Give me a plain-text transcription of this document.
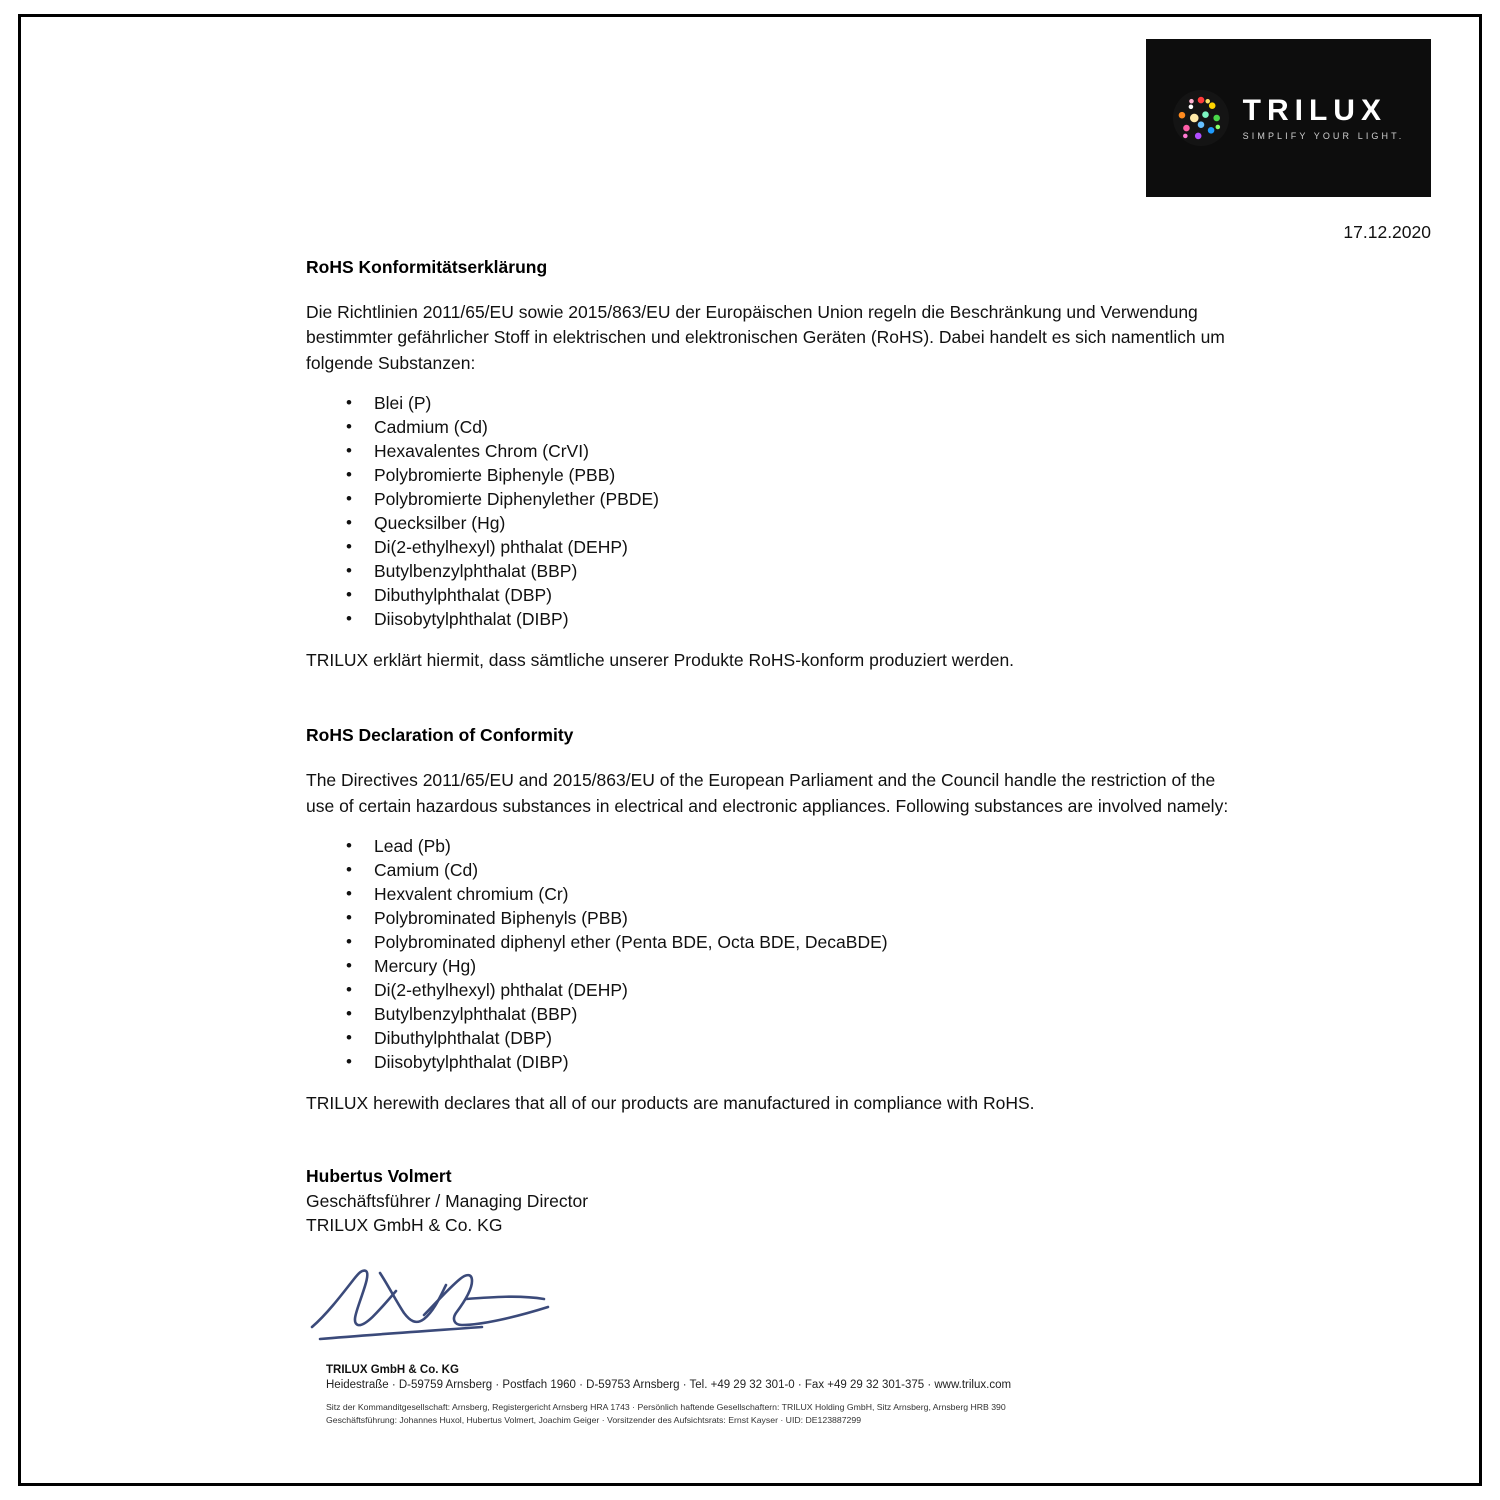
TRILUX
SIMPLIFY YOUR LIGHT.
17.12.2020
RoHS Konformitätserklärung

Die Richtlinien 2011/65/EU sowie 2015/863/EU der Europäischen Union regeln die Beschränkung und Verwendung bestimmter gefährlicher Stoff in elektrischen und elektronischen Geräten (RoHS). Dabei handelt es sich namentlich um folgende Substanzen:

• Blei (P)
• Cadmium (Cd)
• Hexavalentes Chrom (CrVI)
• Polybromierte Biphenyle (PBB)
• Polybromierte Diphenylether (PBDE)
• Quecksilber (Hg)
• Di(2-ethylhexyl) phthalat (DEHP)
• Butylbenzylphthalat (BBP)
• Dibuthylphthalat (DBP)
• Diisobytylphthalat (DIBP)

TRILUX erklärt hiermit, dass sämtliche unserer Produkte RoHS-konform produziert werden.

RoHS Declaration of Conformity

The Directives 2011/65/EU and 2015/863/EU of the European Parliament and the Council handle the restriction of the use of certain hazardous substances in electrical and electronic appliances. Following substances are involved namely:

• Lead (Pb)
• Camium (Cd)
• Hexvalent chromium (Cr)
• Polybrominated Biphenyls (PBB)
• Polybrominated diphenyl ether (Penta BDE, Octa BDE, DecaBDE)
• Mercury (Hg)
• Di(2-ethylhexyl) phthalat (DEHP)
• Butylbenzylphthalat (BBP)
• Dibuthylphthalat (DBP)
• Diisobytylphthalat (DIBP)

TRILUX herewith declares that all of our products are manufactured in compliance with RoHS.

Hubertus Volmert
Geschäftsführer / Managing Director
TRILUX GmbH & Co. KG
TRILUX GmbH & Co. KG
Heidestraße · D-59759 Arnsberg · Postfach 1960 · D-59753 Arnsberg · Tel. +49 29 32 301-0 · Fax +49 29 32 301-375 · www.trilux.com
Sitz der Kommanditgesellschaft: Arnsberg, Registergericht Arnsberg HRA 1743 · Persönlich haftende Gesellschaftern: TRILUX Holding GmbH, Sitz Arnsberg, Arnsberg HRB 390
Geschäftsführung: Johannes Huxol, Hubertus Volmert, Joachim Geiger · Vorsitzender des Aufsichtsrats: Ernst Kayser · UID: DE123887299
